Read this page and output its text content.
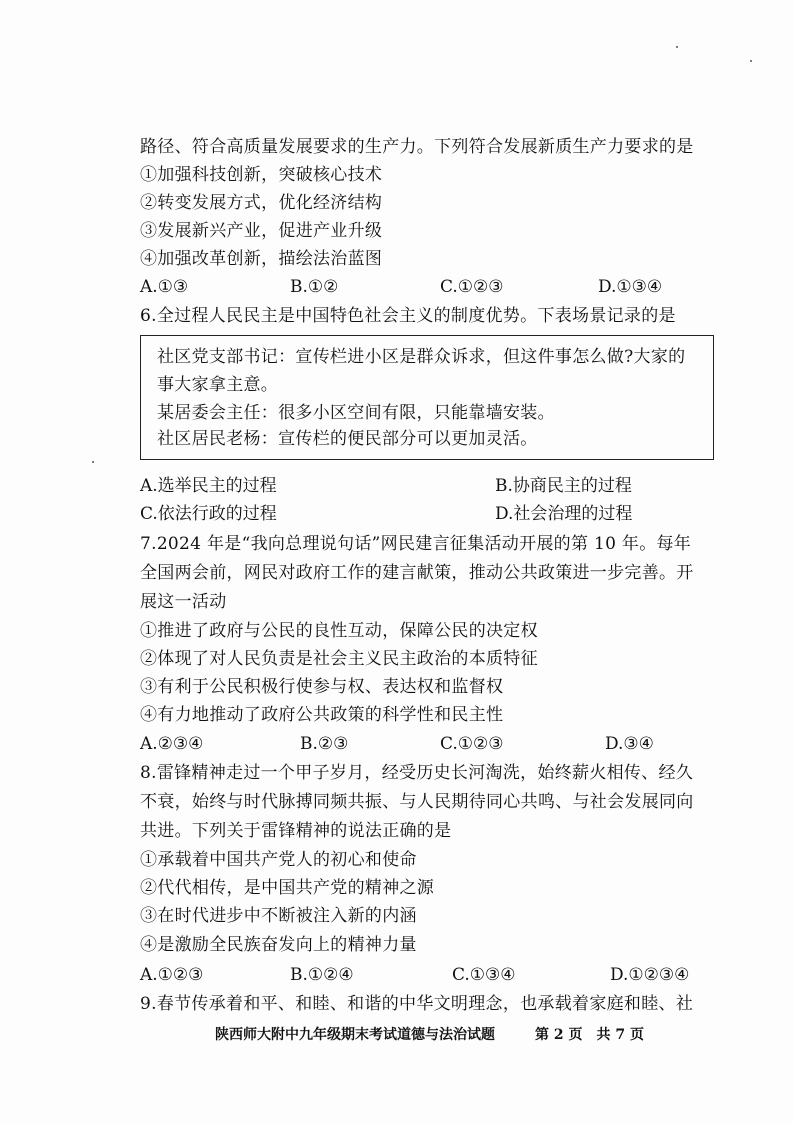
路径、符合高质量发展要求的生产力。下列符合发展新质生产力要求的是
①加强科技创新，突破核心技术
②转变发展方式，优化经济结构
③发展新兴产业，促进产业升级
④加强改革创新，描绘法治蓝图
A.①③	B.①②	C.①②③	D.①③④
6.全过程人民民主是中国特色社会主义的制度优势。下表场景记录的是
社区党支部书记：宣传栏进小区是群众诉求，但这件事怎么做?大家的
事大家拿主意。
某居委会主任：很多小区空间有限，只能靠墙安装。
社区居民老杨：宣传栏的便民部分可以更加灵活。
A.选举民主的过程	B.协商民主的过程
C.依法行政的过程	D.社会治理的过程
7.2024 年是“我向总理说句话”网民建言征集活动开展的第 10 年。每年
全国两会前，网民对政府工作的建言献策，推动公共政策进一步完善。开
展这一活动
①推进了政府与公民的良性互动，保障公民的决定权
②体现了对人民负责是社会主义民主政治的本质特征
③有利于公民积极行使参与权、表达权和监督权
④有力地推动了政府公共政策的科学性和民主性
A.②③④	B.②③	C.①②③	D.③④
8.雷锋精神走过一个甲子岁月，经受历史长河淘洗，始终薪火相传、经久
不衰，始终与时代脉搏同频共振、与人民期待同心共鸣、与社会发展同向
共进。下列关于雷锋精神的说法正确的是
①承载着中国共产党人的初心和使命
②代代相传，是中国共产党的精神之源
③在时代进步中不断被注入新的内涵
④是激励全民族奋发向上的精神力量
A.①②③	B.①②④	C.①③④	D.①②③④
9.春节传承着和平、和睦、和谐的中华文明理念，也承载着家庭和睦、社
陕西师大附中九年级期末考试道德与法治试题	第 2 页　共 7 页
